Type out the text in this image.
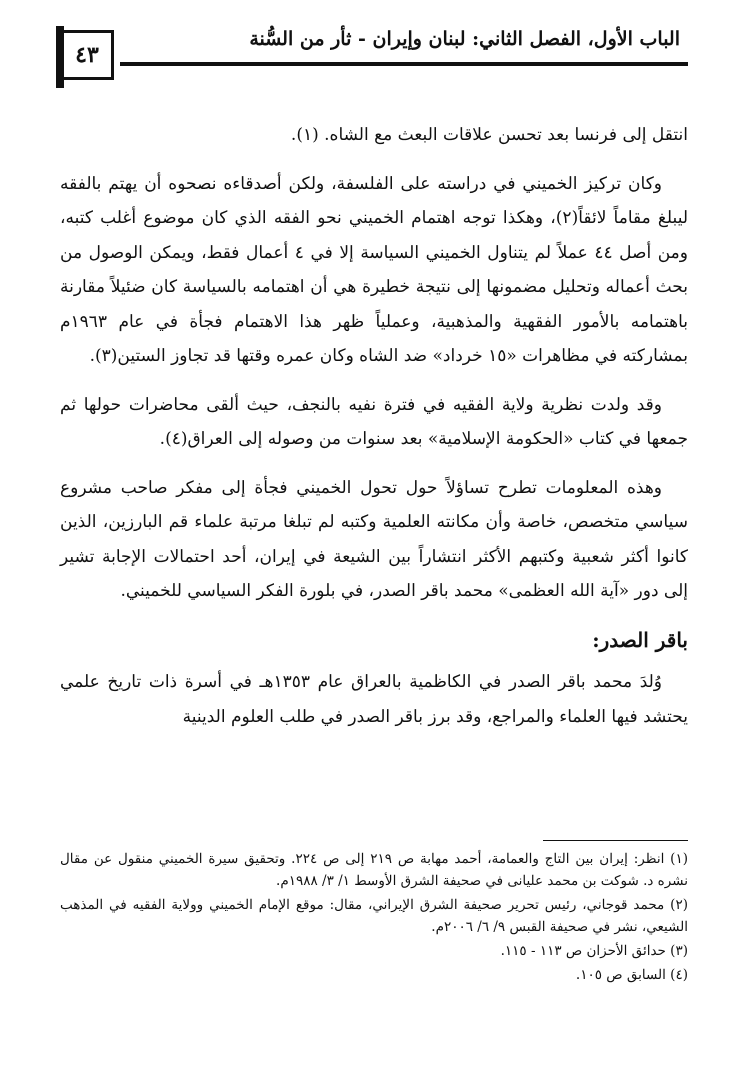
٤٣
الباب الأول، الفصل الثاني: لبنان وإيران - ثأر من السُّنة

انتقل إلى فرنسا بعد تحسن علاقات البعث مع الشاه. (١).

وكان تركيز الخميني في دراسته على الفلسفة، ولكن أصدقاءه نصحوه أن يهتم بالفقه ليبلغ مقاماً لائقاً(٢)، وهكذا توجه اهتمام الخميني نحو الفقه الذي كان موضوع أغلب كتبه، ومن أصل ٤٤ عملاً لم يتناول الخميني السياسة إلا في ٤ أعمال فقط، ويمكن الوصول من بحث أعماله وتحليل مضمونها إلى نتيجة خطيرة هي أن اهتمامه بالسياسة كان ضئيلاً مقارنة باهتمامه بالأمور الفقهية والمذهبية، وعملياً ظهر هذا الاهتمام فجأة في عام ١٩٦٣م بمشاركته في مظاهرات «١٥ خرداد» ضد الشاه وكان عمره وقتها قد تجاوز الستين(٣).

وقد ولدت نظرية ولاية الفقيه في فترة نفيه بالنجف، حيث ألقى محاضرات حولها ثم جمعها في كتاب «الحكومة الإسلامية» بعد سنوات من وصوله إلى العراق(٤).

وهذه المعلومات تطرح تساؤلاً حول تحول الخميني فجأة إلى مفكر صاحب مشروع سياسي متخصص، خاصة وأن مكانته العلمية وكتبه لم تبلغا مرتبة علماء قم البارزين، الذين كانوا أكثر شعبية وكتبهم الأكثر انتشاراً بين الشيعة في إيران، أحد احتمالات الإجابة تشير إلى دور «آية الله العظمى» محمد باقر الصدر، في بلورة الفكر السياسي للخميني.

باقر الصدر:

وُلدَ محمد باقر الصدر في الكاظمية بالعراق عام ١٣٥٣هـ في أسرة ذات تاريخ علمي يحتشد فيها العلماء والمراجع، وقد برز باقر الصدر في طلب العلوم الدينية

(١) انظر: إيران بين التاج والعمامة، أحمد مهابة ص ٢١٩ إلى ص ٢٢٤. وتحقيق سيرة الخميني منقول عن مقال نشره د. شوكت بن محمد عليانى في صحيفة الشرق الأوسط ١/ ٣/ ١٩٨٨م.

(٢) محمد قوجاني، رئيس تحرير صحيفة الشرق الإيراني، مقال: موقع الإمام الخميني وولاية الفقيه في المذهب الشيعي، نشر في صحيفة القبس ٩/ ٦/ ٢٠٠٦م.

(٣) حدائق الأحزان ص ١١٣ - ١١٥.

(٤) السابق ص ١٠٥.
